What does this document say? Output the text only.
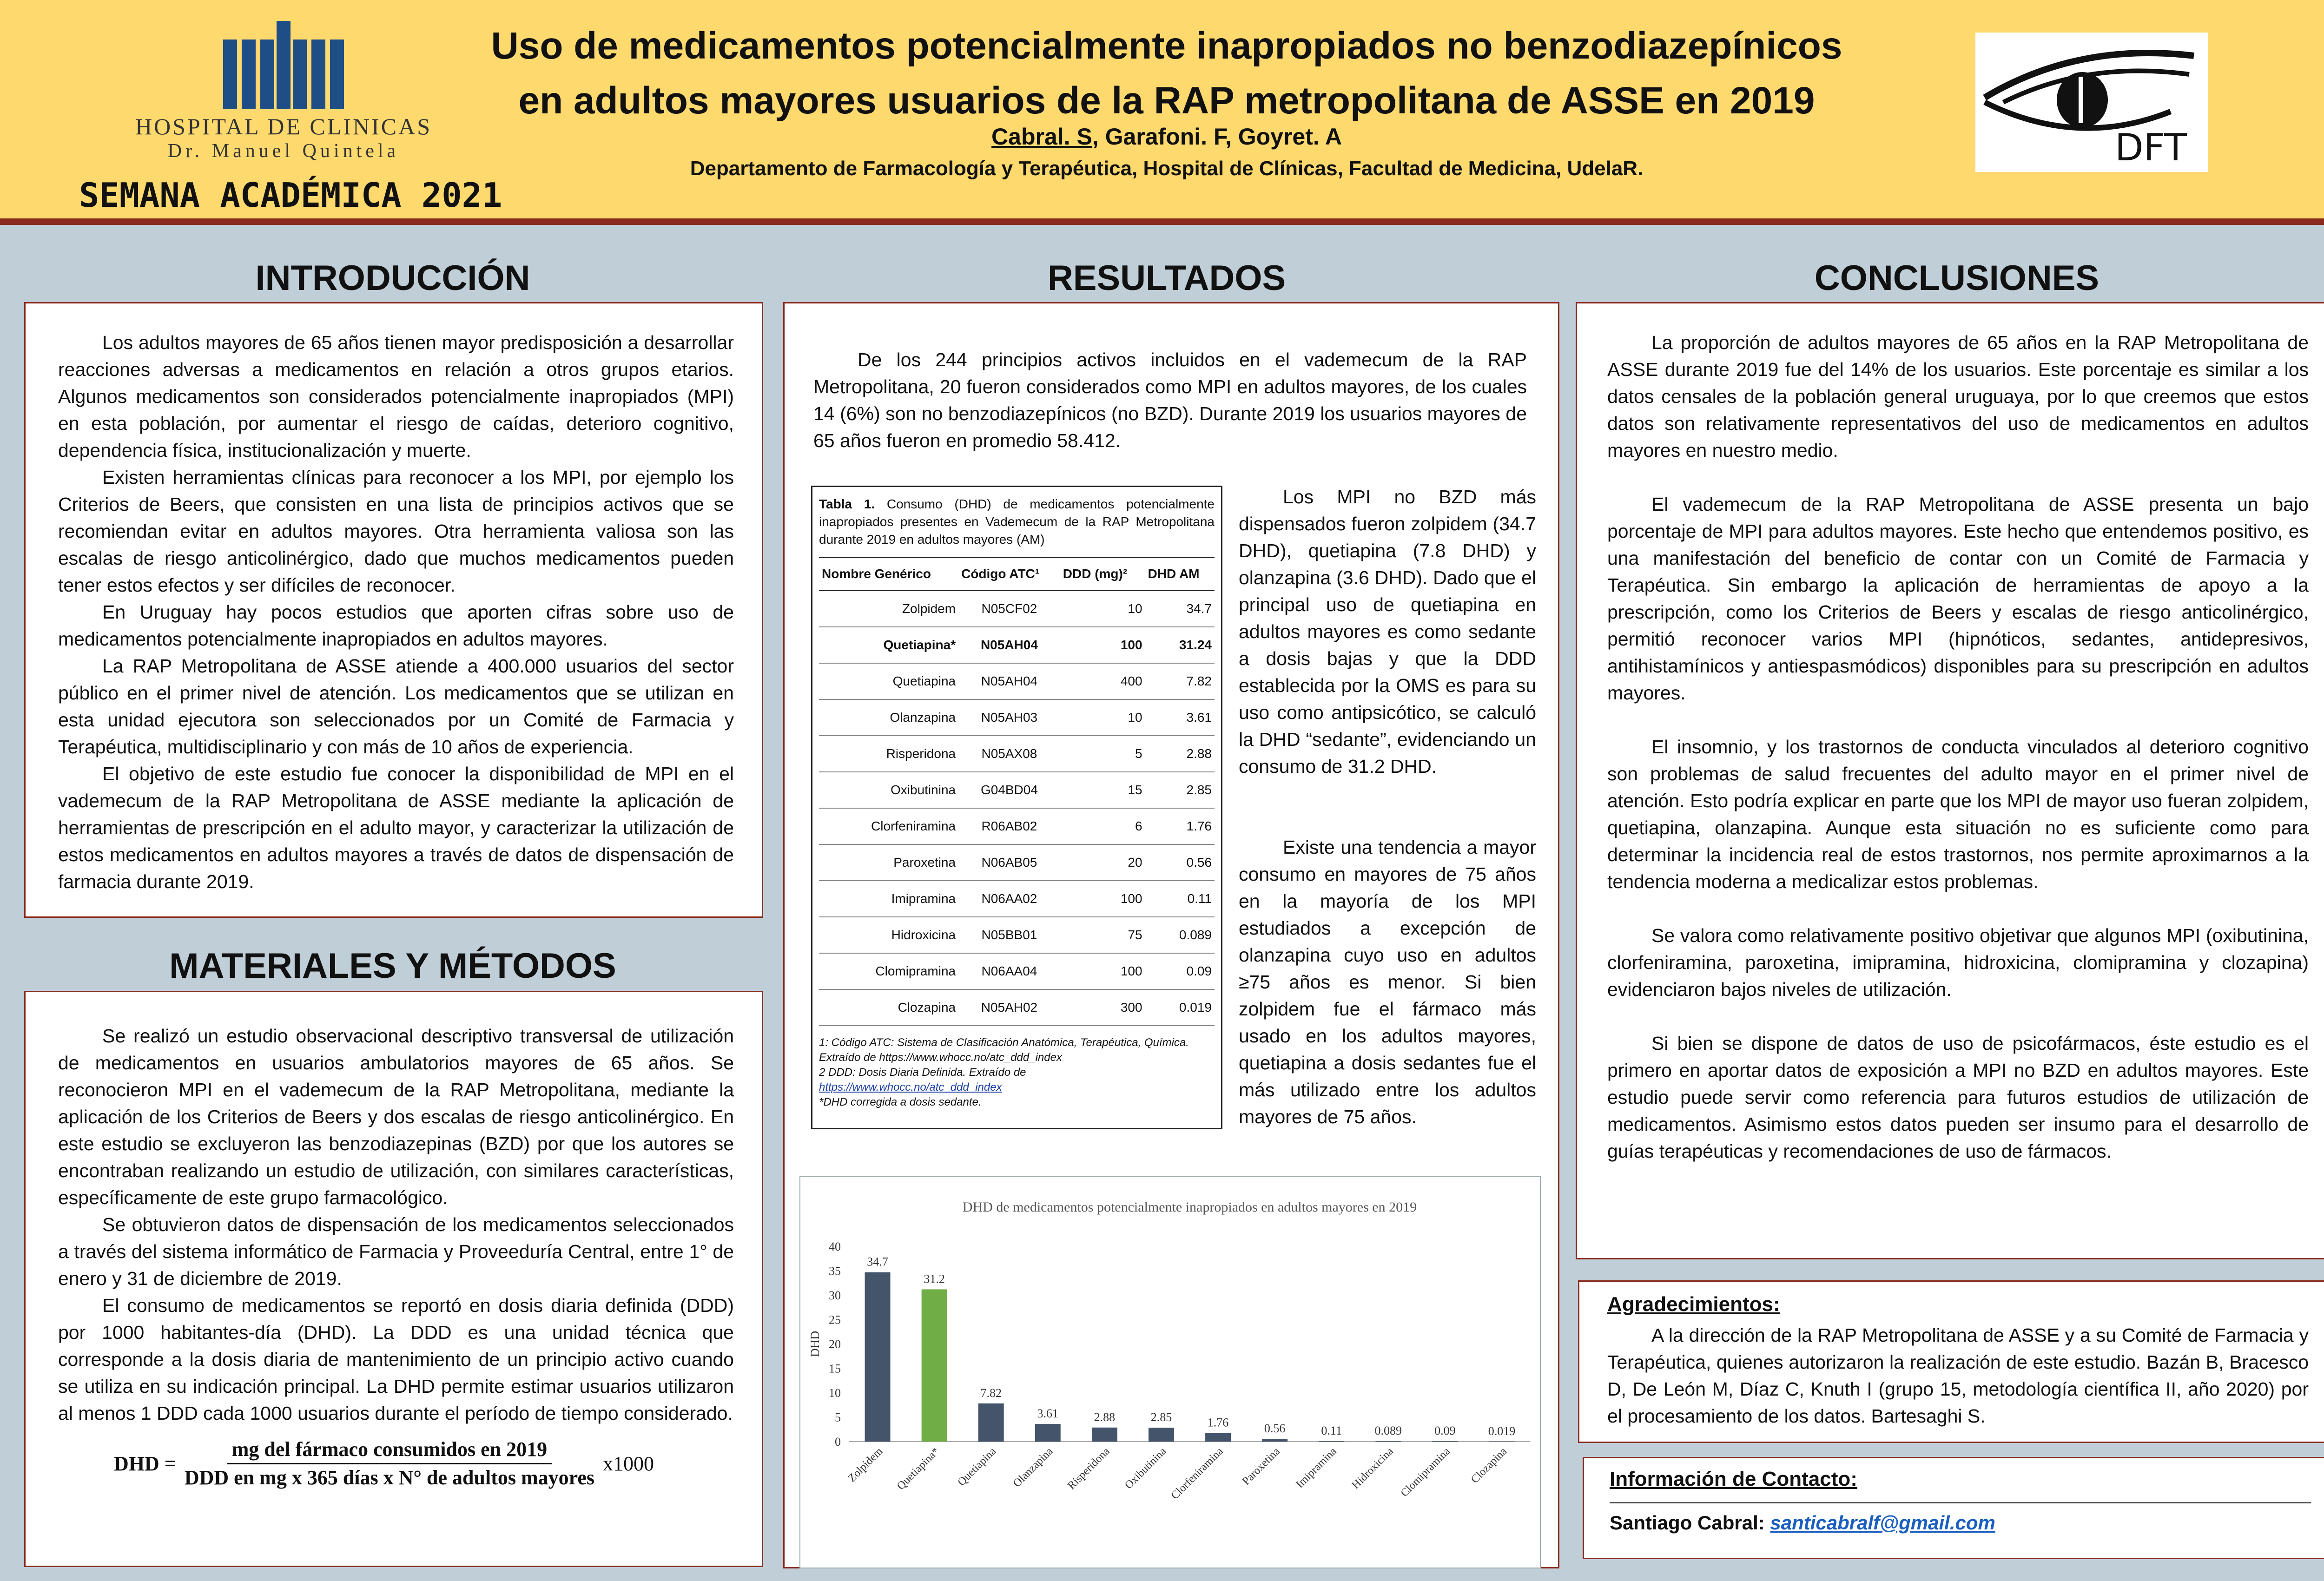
HOSPITAL DE CLINICAS
Dr. Manuel Quintela
SEMANA ACADÉMICA 2021
Uso de medicamentos potencialmente inapropiados no benzodiazepínicos
en adultos mayores usuarios de la RAP metropolitana de ASSE en 2019
Cabral. S, Garafoni. F, Goyret. A
Departamento de Farmacología y Terapéutica, Hospital de Clínicas, Facultad de Medicina, UdelaR.	DFT
INTRODUCCIÓN

Los adultos mayores de 65 años tienen mayor predisposición a desarrollar reacciones adversas a medicamentos en relación a otros grupos etarios. Algunos medicamentos son considerados potencialmente inapropiados (MPI) en esta población, por aumentar el riesgo de caídas, deterioro cognitivo, dependencia física, institucionalización y muerte.

Existen herramientas clínicas para reconocer a los MPI, por ejemplo los Criterios de Beers, que consisten en una lista de principios activos que se recomiendan evitar en adultos mayores. Otra herramienta valiosa son las escalas de riesgo anticolinérgico, dado que muchos medicamentos pueden tener estos efectos y ser difíciles de reconocer.

En Uruguay hay pocos estudios que aporten cifras sobre uso de medicamentos potencialmente inapropiados en adultos mayores.

La RAP Metropolitana de ASSE atiende a 400.000 usuarios del sector público en el primer nivel de atención. Los medicamentos que se utilizan en esta unidad ejecutora son seleccionados por un Comité de Farmacia y Terapéutica, multidisciplinario y con más de 10 años de experiencia.

El objetivo de este estudio fue conocer la disponibilidad de MPI en el vademecum de la RAP Metropolitana de ASSE mediante la aplicación de herramientas de prescripción en el adulto mayor, y caracterizar la utilización de estos medicamentos en adultos mayores a través de datos de dispensación de farmacia durante 2019.

MATERIALES Y MÉTODOS

Se realizó un estudio observacional descriptivo transversal de utilización de medicamentos en usuarios ambulatorios mayores de 65 años. Se reconocieron MPI en el vademecum de la RAP Metropolitana, mediante la aplicación de los Criterios de Beers y dos escalas de riesgo anticolinérgico. En este estudio se excluyeron las benzodiazepinas (BZD) por que los autores se encontraban realizando un estudio de utilización, con similares características, específicamente de este grupo farmacológico.

Se obtuvieron datos de dispensación de los medicamentos seleccionados a través del sistema informático de Farmacia y Proveeduría Central, entre 1° de enero y 31 de diciembre de 2019.

El consumo de medicamentos se reportó en dosis diaria definida (DDD) por 1000 habitantes-día (DHD). La DDD es una unidad técnica que corresponde a la dosis diaria de mantenimiento de un principio activo cuando se utiliza en su indicación principal. La DHD permite estimar usuarios utilizaron al menos 1 DDD cada 1000 usuarios durante el período de tiempo considerado.

DHD =
mg del fármaco consumidos en 2019
DDD en mg x 365 días x N° de adultos mayores
x1000
RESULTADOS

De los 244 principios activos incluidos en el vademecum de la RAP Metropolitana, 20 fueron considerados como MPI en adultos mayores, de los cuales 14 (6%) son no benzodiazepínicos (no BZD). Durante 2019 los usuarios mayores de 65 años fueron en promedio 58.412.

Los MPI no BZD más dispensados fueron zolpidem (34.7 DHD), quetiapina (7.8 DHD) y olanzapina (3.6 DHD). Dado que el principal uso de quetiapina en adultos mayores es como sedante a dosis bajas y que la DDD establecida por la OMS es para su uso como antipsicótico, se calculó la DHD “sedante”, evidenciando un consumo de 31.2 DHD.

Existe una tendencia a mayor consumo en mayores de 75 años en la mayoría de los MPI estudiados a excepción de olanzapina cuyo uso en adultos ≥75 años es menor. Si bien zolpidem fue el fármaco más usado en los adultos mayores, quetiapina a dosis sedantes fue el más utilizado entre los adultos mayores de 75 años.

Tabla 1. Consumo (DHD) de medicamentos potencialmente inapropiados presentes en Vademecum de la RAP Metropolitana durante 2019 en adultos mayores (AM)
Nombre Genérico	Código ATC¹	DDD (mg)²	DHD AM
Zolpidem	N05CF02	10	34.7
Quetiapina*	N05AH04	100	31.24
Quetiapina	N05AH04	400	7.82
Olanzapina	N05AH03	10	3.61
Risperidona	N05AX08	5	2.88
Oxibutinina	G04BD04	15	2.85
Clorfeniramina	R06AB02	6	1.76
Paroxetina	N06AB05	20	0.56
Imipramina	N06AA02	100	0.11
Hidroxicina	N05BB01	75	0.089
Clomipramina	N06AA04	100	0.09
Clozapina	N05AH02	300	0.019
1: Código ATC: Sistema de Clasificación Anatómica, Terapéutica, Química. Extraído de https://www.whocc.no/atc_ddd_index
2 DDD: Dosis Diaria Definida. Extraído de
https://www.whocc.no/atc_ddd_index
*DHD corregida a dosis sedante.
DHD de medicamentos potencialmente inapropiados en adultos mayores en 2019
DHD
0
5
10
15
20
25
30
35
40
34.7
Zolpidem
31.2
Quetiapina*
7.82
Quetiapina
3.61
Olanzapina
2.88
Risperidona
2.85
Oxibutinina
1.76
Clorfeniramina
0.56
Paroxetina
0.11
Imipramina
0.089
Hidroxicina
0.09
Clomipramina
0.019
Clozapina
CONCLUSIONES

La proporción de adultos mayores de 65 años en la RAP Metropolitana de ASSE durante 2019 fue del 14% de los usuarios. Este porcentaje es similar a los datos censales de la población general uruguaya, por lo que creemos que estos datos son relativamente representativos del uso de medicamentos en adultos mayores en nuestro medio.

El vademecum de la RAP Metropolitana de ASSE presenta un bajo porcentaje de MPI para adultos mayores. Este hecho que entendemos positivo, es una manifestación del beneficio de contar con un Comité de Farmacia y Terapéutica. Sin embargo la aplicación de herramientas de apoyo a la prescripción, como los Criterios de Beers y escalas de riesgo anticolinérgico, permitió reconocer varios MPI (hipnóticos, sedantes, antidepresivos, antihistamínicos y antiespasmódicos) disponibles para su prescripción en adultos mayores.

El insomnio, y los trastornos de conducta vinculados al deterioro cognitivo son problemas de salud frecuentes del adulto mayor en el primer nivel de atención. Esto podría explicar en parte que los MPI de mayor uso fueran zolpidem, quetiapina, olanzapina. Aunque esta situación no es suficiente como para determinar la incidencia real de estos trastornos, nos permite aproximarnos a la tendencia moderna a medicalizar estos problemas.

Se valora como relativamente positivo objetivar que algunos MPI (oxibutinina, clorfeniramina, paroxetina, imipramina, hidroxicina, clomipramina y clozapina) evidenciaron bajos niveles de utilización.

Si bien se dispone de datos de uso de psicofármacos, éste estudio es el primero en aportar datos de exposición a MPI no BZD en adultos mayores. Este estudio puede servir como referencia para futuros estudios de utilización de medicamentos. Asimismo estos datos pueden ser insumo para el desarrollo de guías terapéuticas y recomendaciones de uso de fármacos.

Agradecimientos:

A la dirección de la RAP Metropolitana de ASSE y a su Comité de Farmacia y Terapéutica, quienes autorizaron la realización de este estudio. Bazán B, Bracesco D, De León M, Díaz C, Knuth I (grupo 15, metodología científica II, año 2020) por el procesamiento de los datos. Bartesaghi S.

Información de Contacto:
Santiago Cabral: santicabralf@gmail.com
